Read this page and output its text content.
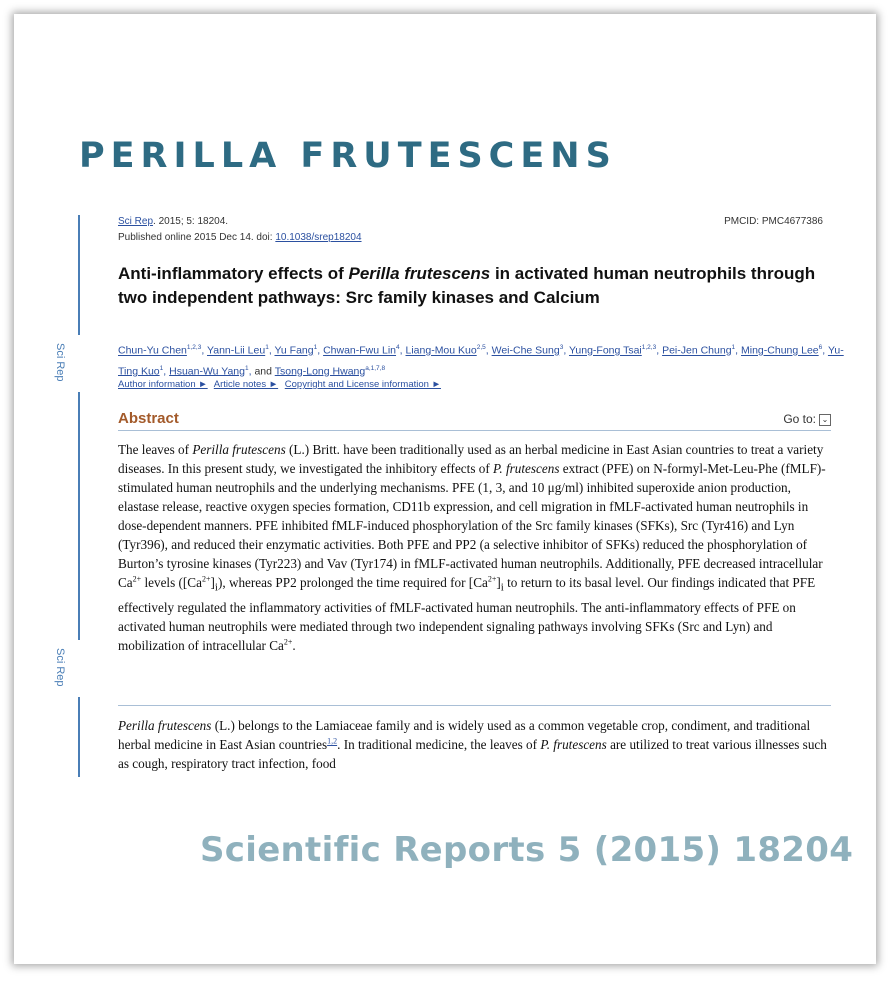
PERILLA FRUTESCENS
Sci Rep
Sci Rep
Sci Rep. 2015; 5: 18204.
Published online 2015 Dec 14. doi: 10.1038/srep18204
PMCID: PMC4677386
Anti-inflammatory effects of Perilla frutescens in activated human neutrophils through two independent pathways: Src family kinases and Calcium
Chun-Yu Chen$^{1,2,3}$, Yann-Lii Leu$^1$, Yu Fang$^1$, Chwan-Fwu Lin$^4$, Liang-Mou Kuo$^{2,5}$, Wei-Che Sung$^3$, Yung-Fong Tsai$^{1,2,3}$, Pei-Jen Chung$^1$, Ming-Chung Lee$^6$, Yu-Ting Kuo$^1$, Hsuan-Wu Yang$^1$, and Tsong-Long Hwang$^{a,1,7,8}$
Author information ► Article notes ► Copyright and License information ►
Abstract	Go to: ⌄

The leaves of Perilla frutescens (L.) Britt. have been traditionally used as an herbal medicine in East Asian countries to treat a variety diseases. In this present study, we investigated the inhibitory effects of P. frutescens extract (PFE) on N-formyl-Met-Leu-Phe (fMLF)-stimulated human neutrophils and the underlying mechanisms. PFE (1, 3, and 10 μg/ml) inhibited superoxide anion production, elastase release, reactive oxygen species formation, CD11b expression, and cell migration in fMLF-activated human neutrophils in dose-dependent manners. PFE inhibited fMLF-induced phosphorylation of the Src family kinases (SFKs), Src (Tyr416) and Lyn (Tyr396), and reduced their enzymatic activities. Both PFE and PP2 (a selective inhibitor of SFKs) reduced the phosphorylation of Burton’s tyrosine kinases (Tyr223) and Vav (Tyr174) in fMLF-activated human neutrophils. Additionally, PFE decreased intracellular $Ca^{2+}$ levels $([Ca^{2+}]_i)$, whereas PP2 prolonged the time required for $[Ca^{2+}]_i$ to return to its basal level. Our findings indicated that PFE effectively regulated the inflammatory activities of fMLF-activated human neutrophils. The anti-inflammatory effects of PFE on activated human neutrophils were mediated through two independent signaling pathways involving SFKs (Src and Lyn) and mobilization of intracellular $Ca^{2+}$.

Perilla frutescens (L.) belongs to the Lamiaceae family and is widely used as a common vegetable crop, condiment, and traditional herbal medicine in East Asian countries$^{1,2}$. In traditional medicine, the leaves of P. frutescens are utilized to treat various illnesses such as cough, respiratory tract infection, food

Scientific Reports 5 (2015) 18204
